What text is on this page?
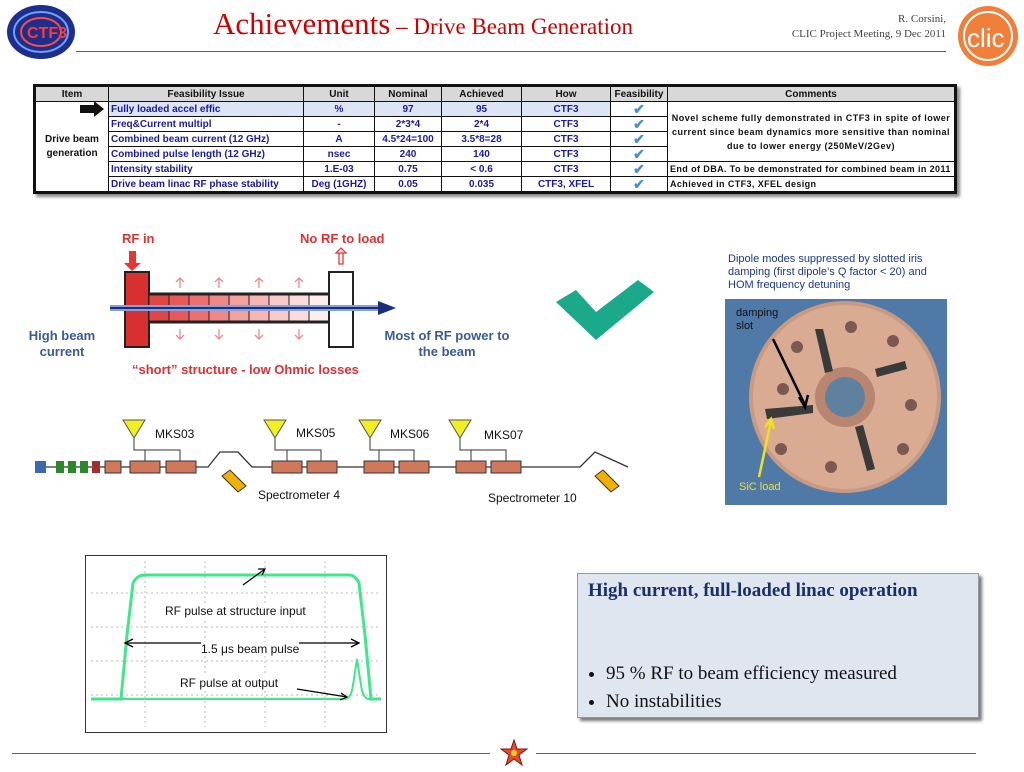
CTF3	Achievements – Drive Beam Generation	R. Corsini,
CLIC Project Meeting, 9 Dec 2011 clic
Item	Feasibility Issue	Unit	Nominal	Achieved	How	Feasibility	Comments
Drive beam generation	Fully loaded accel effic	%	97	95	CTF3	✔	Novel scheme fully demonstrated in CTF3 in spite of lower current since beam dynamics more sensitive than nominal due to lower energy (250MeV/2Gev)
	Freq&Current multipl	-	2*3*4	2*4	CTF3	✔	
	Combined beam current (12 GHz)	A	4.5*24=100	3.5*8=28	CTF3	✔	
	Combined pulse length (12 GHz)	nsec	240	140	CTF3	✔	
	Intensity stability	1.E-03	0.75	< 0.6	CTF3	✔	End of DBA. To be demonstrated for combined beam in 2011
	Drive beam linac RF phase stability	Deg (1GHZ)	0.05	0.035	CTF3, XFEL	✔	Achieved in CTF3, XFEL design
RF in	No RF to load
High beam current
Most of RF power to the beam
“short” structure - low Ohmic losses
Dipole modes suppressed by slotted iris damping (first dipole’s Q factor < 20) and HOM frequency detuning
damping slot
SiC load
MKS03	MKS05	MKS06	MKS07
Spectrometer 4	Spectrometer 10
RF pulse at structure input
1.5 μs beam pulse
RF pulse at output
High current, full-loaded linac operation
• 95 % RF to beam efficiency measured
• No instabilities
